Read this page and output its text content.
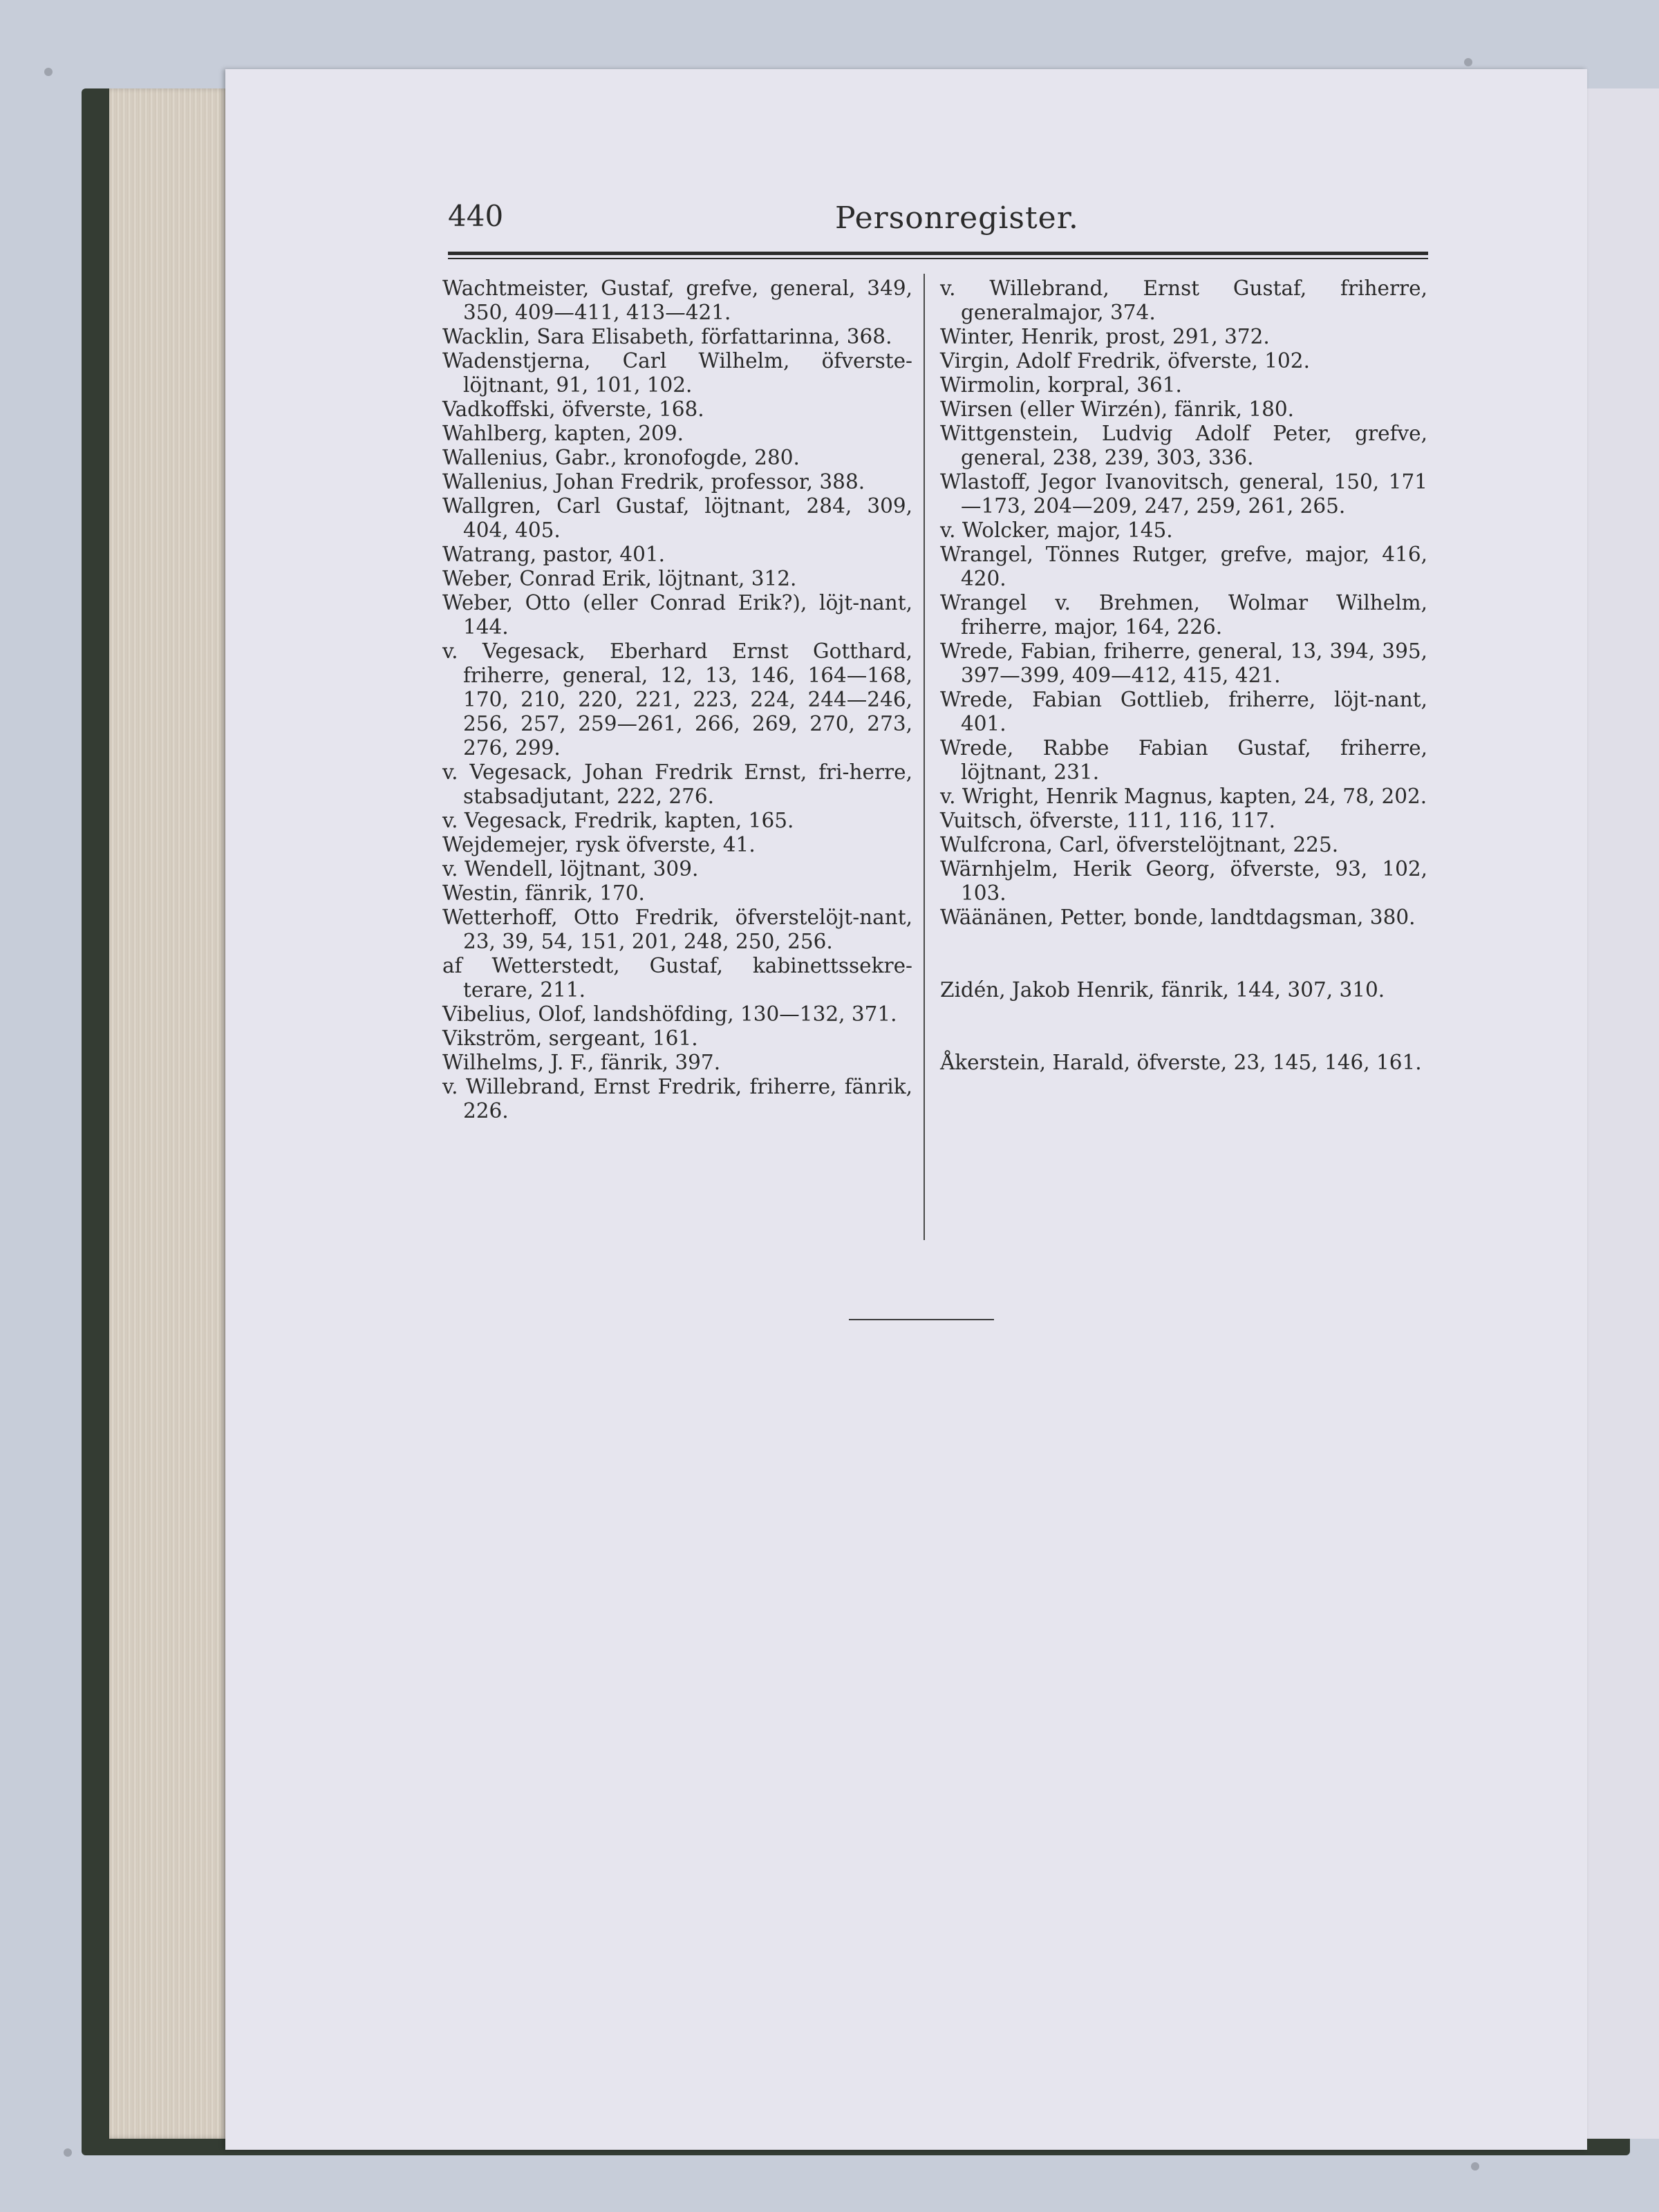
440	Personregister.

Wachtmeister, Gustaf, grefve, general, 349, 350, 409—411, 413—421.

Wacklin, Sara Elisabeth, författarinna, 368.

Wadenstjerna, Carl Wilhelm, öfverste-löjtnant, 91, 101, 102.

Vadkoffski, öfverste, 168.

Wahlberg, kapten, 209.

Wallenius, Gabr., kronofogde, 280.

Wallenius, Johan Fredrik, professor, 388.

Wallgren, Carl Gustaf, löjtnant, 284, 309, 404, 405.

Watrang, pastor, 401.

Weber, Conrad Erik, löjtnant, 312.

Weber, Otto (eller Conrad Erik?), löjt-nant, 144.

v. Vegesack, Eberhard Ernst Gotthard, friherre, general, 12, 13, 146, 164—168, 170, 210, 220, 221, 223, 224, 244—246, 256, 257, 259—261, 266, 269, 270, 273, 276, 299.

v. Vegesack, Johan Fredrik Ernst, fri-herre, stabsadjutant, 222, 276.

v. Vegesack, Fredrik, kapten, 165.

Wejdemejer, rysk öfverste, 41.

v. Wendell, löjtnant, 309.

Westin, fänrik, 170.

Wetterhoff, Otto Fredrik, öfverstelöjt-nant, 23, 39, 54, 151, 201, 248, 250, 256.

af Wetterstedt, Gustaf, kabinettssekre-terare, 211.

Vibelius, Olof, landshöfding, 130—132, 371.

Vikström, sergeant, 161.

Wilhelms, J. F., fänrik, 397.

v. Willebrand, Ernst Fredrik, friherre, fänrik, 226.

v. Willebrand, Ernst Gustaf, friherre, generalmajor, 374.

Winter, Henrik, prost, 291, 372.

Virgin, Adolf Fredrik, öfverste, 102.

Wirmolin, korpral, 361.

Wirsen (eller Wirzén), fänrik, 180.

Wittgenstein, Ludvig Adolf Peter, grefve, general, 238, 239, 303, 336.

Wlastoff, Jegor Ivanovitsch, general, 150, 171—173, 204—209, 247, 259, 261, 265.

v. Wolcker, major, 145.

Wrangel, Tönnes Rutger, grefve, major, 416, 420.

Wrangel v. Brehmen, Wolmar Wilhelm, friherre, major, 164, 226.

Wrede, Fabian, friherre, general, 13, 394, 395, 397—399, 409—412, 415, 421.

Wrede, Fabian Gottlieb, friherre, löjt-nant, 401.

Wrede, Rabbe Fabian Gustaf, friherre, löjtnant, 231.

v. Wright, Henrik Magnus, kapten, 24, 78, 202.

Vuitsch, öfverste, 111, 116, 117.

Wulfcrona, Carl, öfverstelöjtnant, 225.

Wärnhjelm, Herik Georg, öfverste, 93, 102, 103.

Wäänänen, Petter, bonde, landtdagsman, 380.

Zidén, Jakob Henrik, fänrik, 144, 307, 310.

Åkerstein, Harald, öfverste, 23, 145, 146, 161.
